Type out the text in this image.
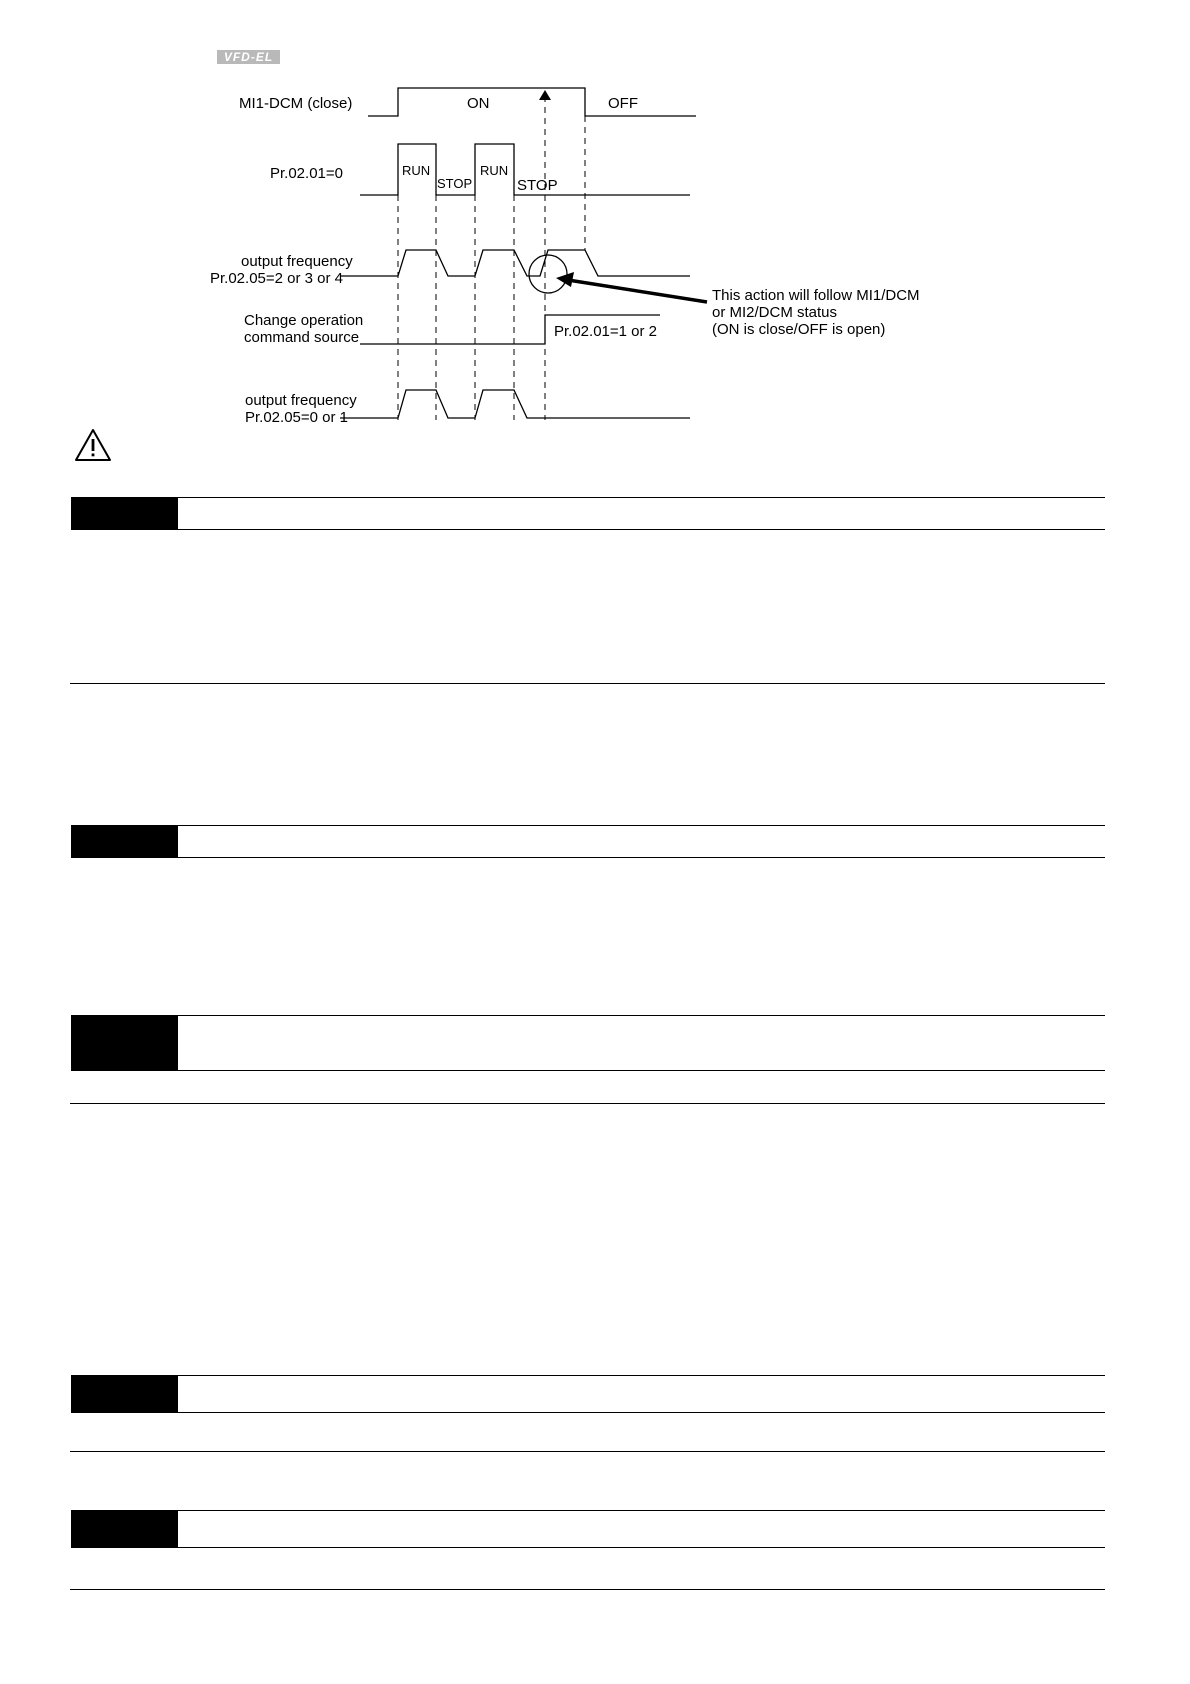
VFD-EL
MI1-DCM (close)	ON	OFF
Pr.02.01=0	RUN
STOP
RUN
STOP
output frequency
Pr.02.05=2 or 3 or 4
Change operation
command source	Pr.02.01=1 or 2
output frequency
Pr.02.05=0 or 1
This action will follow MI1/DCM
or MI2/DCM status
(ON is close/OFF is open)
